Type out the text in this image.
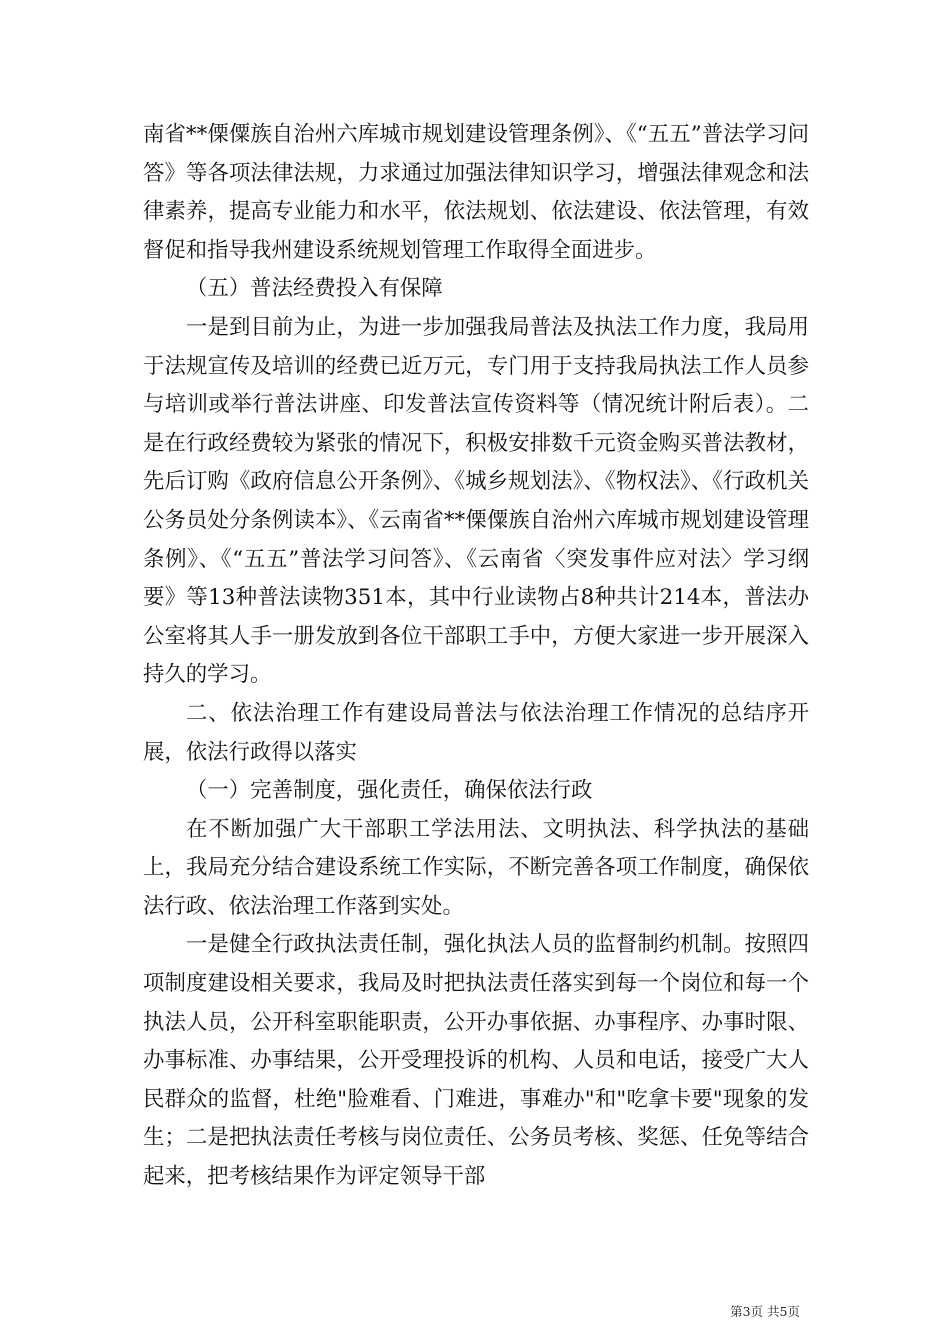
南省**傈僳族自治州六库城市规划建设管理条例》、《“五五”普法学习问答》等各项法律法规，力求通过加强法律知识学习，增强法律观念和法律素养，提高专业能力和水平，依法规划、依法建设、依法管理，有效督促和指导我州建设系统规划管理工作取得全面进步。

（五）普法经费投入有保障

一是到目前为止，为进一步加强我局普法及执法工作力度，我局用于法规宣传及培训的经费已近万元，专门用于支持我局执法工作人员参与培训或举行普法讲座、印发普法宣传资料等（情况统计附后表）。二是在行政经费较为紧张的情况下，积极安排数千元资金购买普法教材，先后订购《政府信息公开条例》、《城乡规划法》、《物权法》、《行政机关公务员处分条例读本》、《云南省**傈僳族自治州六库城市规划建设管理条例》、《“五五”普法学习问答》、《云南省〈突发事件应对法〉学习纲要》等13种普法读物351本，其中行业读物占8种共计214本，普法办公室将其人手一册发放到各位干部职工手中，方便大家进一步开展深入持久的学习。

二、依法治理工作有建设局普法与依法治理工作情况的总结序开展，依法行政得以落实

（一）完善制度，强化责任，确保依法行政

在不断加强广大干部职工学法用法、文明执法、科学执法的基础上，我局充分结合建设系统工作实际，不断完善各项工作制度，确保依法行政、依法治理工作落到实处。

一是健全行政执法责任制，强化执法人员的监督制约机制。按照四项制度建设相关要求，我局及时把执法责任落实到每一个岗位和每一个执法人员，公开科室职能职责，公开办事依据、办事程序、办事时限、办事标准、办事结果，公开受理投诉的机构、人员和电话，接受广大人民群众的监督，杜绝"脸难看、门难进，事难办"和"吃拿卡要"现象的发生；二是把执法责任考核与岗位责任、公务员考核、奖惩、任免等结合起来，把考核结果作为评定领导干部

第3页 共5页
